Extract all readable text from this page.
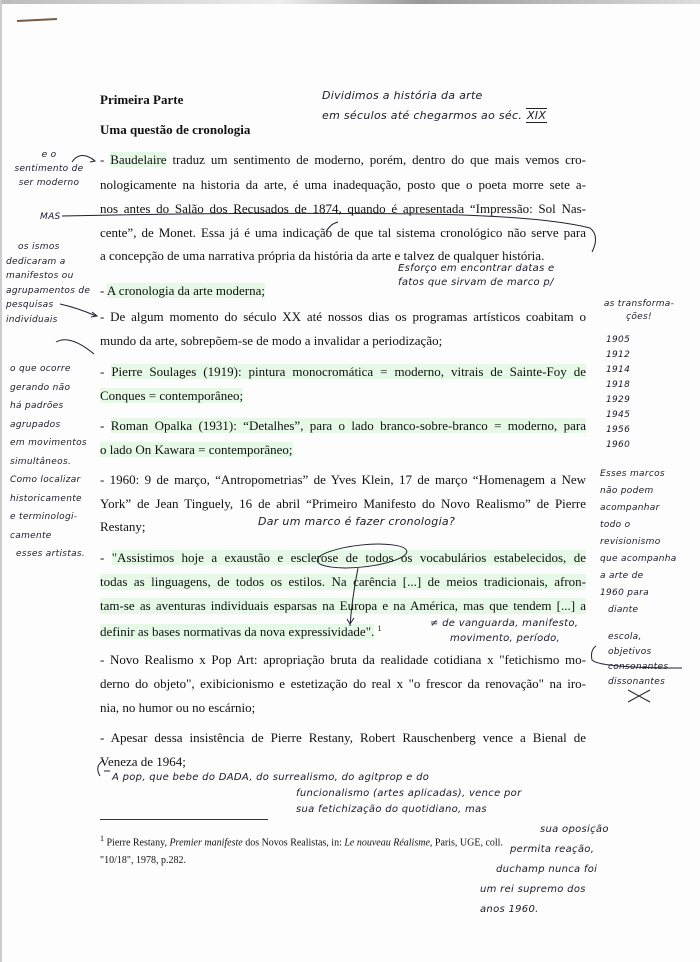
Primeira Parte
Uma questão de cronologia
- Baudelaire traduz um sentimento de moderno, porém, dentro do que mais vemos cro-
nologicamente na historia da arte, é uma inadequação, posto que o poeta morre sete a-
nos antes do Salão dos Recusados de 1874, quando é apresentada “Impressão: Sol Nas-
cente”, de Monet. Essa já é uma indicação de que tal sistema cronológico não serve para
a concepção de uma narrativa própria da história da arte e talvez de qualquer história.
- A cronologia da arte moderna;
- De algum momento do século XX até nossos dias os programas artísticos coabitam o
mundo da arte, sobrepõem-se de modo a invalidar a periodização;
- Pierre Soulages (1919): pintura monocromática = moderno, vitrais de Sainte-Foy de
Conques = contemporâneo;
- Roman Opalka (1931): “Detalhes”, para o lado branco-sobre-branco = moderno, para
o lado On Kawara = contemporâneo;
- 1960: 9 de março, “Antropometrias” de Yves Klein, 17 de março “Homenagem a New
York” de Jean Tinguely, 16 de abril “Primeiro Manifesto do Novo Realismo” de Pierre
Restany;
- "Assistimos hoje a exaustão e esclerose de todos os vocabulários estabelecidos, de
todas as linguagens, de todos os estilos. Na carência [...] de meios tradicionais, afron-
tam-se as aventuras individuais esparsas na Europa e na América, mas que tendem [...] a
definir as bases normativas da nova expressividade". $^1$
- Novo Realismo x Pop Art: apropriação bruta da realidade cotidiana x "fetichismo mo-
derno do objeto", exibicionismo e estetização do real x "o frescor da renovação" na iro-
nia, no humor ou no escárnio;
- Apesar dessa insistência de Pierre Restany, Robert Rauschenberg vence a Bienal de
Veneza de 1964;
$^1$ Pierre Restany, Premier manifeste dos Novos Realistas, in: Le nouveau Réalisme, Paris, UGE, coll.
"10/18", 1978, p.282.
Dividimos a história da arte
em séculos até chegarmos ao séc. XIX
e o
sentimento de
ser moderno
MAS
os ismos
dedicaram a
manifestos ou
agrupamentos de
pesquisas
individuais
o que ocorre
gerando não
há padrões
agrupados
em movimentos
simultâneos.
Como localizar
historicamente
e terminologi-
camente
esses artistas.
Esforço em encontrar datas e
fatos que sirvam de marco p/
as transforma-
ções!
1905
1912
1914
1918
1929
1945
1956
1960
Esses marcos
não podem
acompanhar
todo o
revisionismo
que acompanha
a arte de
1960 para
diante
Dar um marco é fazer cronologia?
≠ de vanguarda, manifesto,
movimento, período,	escola,
objetivos
consonantes
dissonantes
A pop, que bebe do DADA, do surrealismo, do agitprop e do
funcionalismo (artes aplicadas), vence por
sua fetichização do quotidiano, mas
sua oposição
permita reação,
duchamp nunca foi
um rei supremo dos
anos 1960.
